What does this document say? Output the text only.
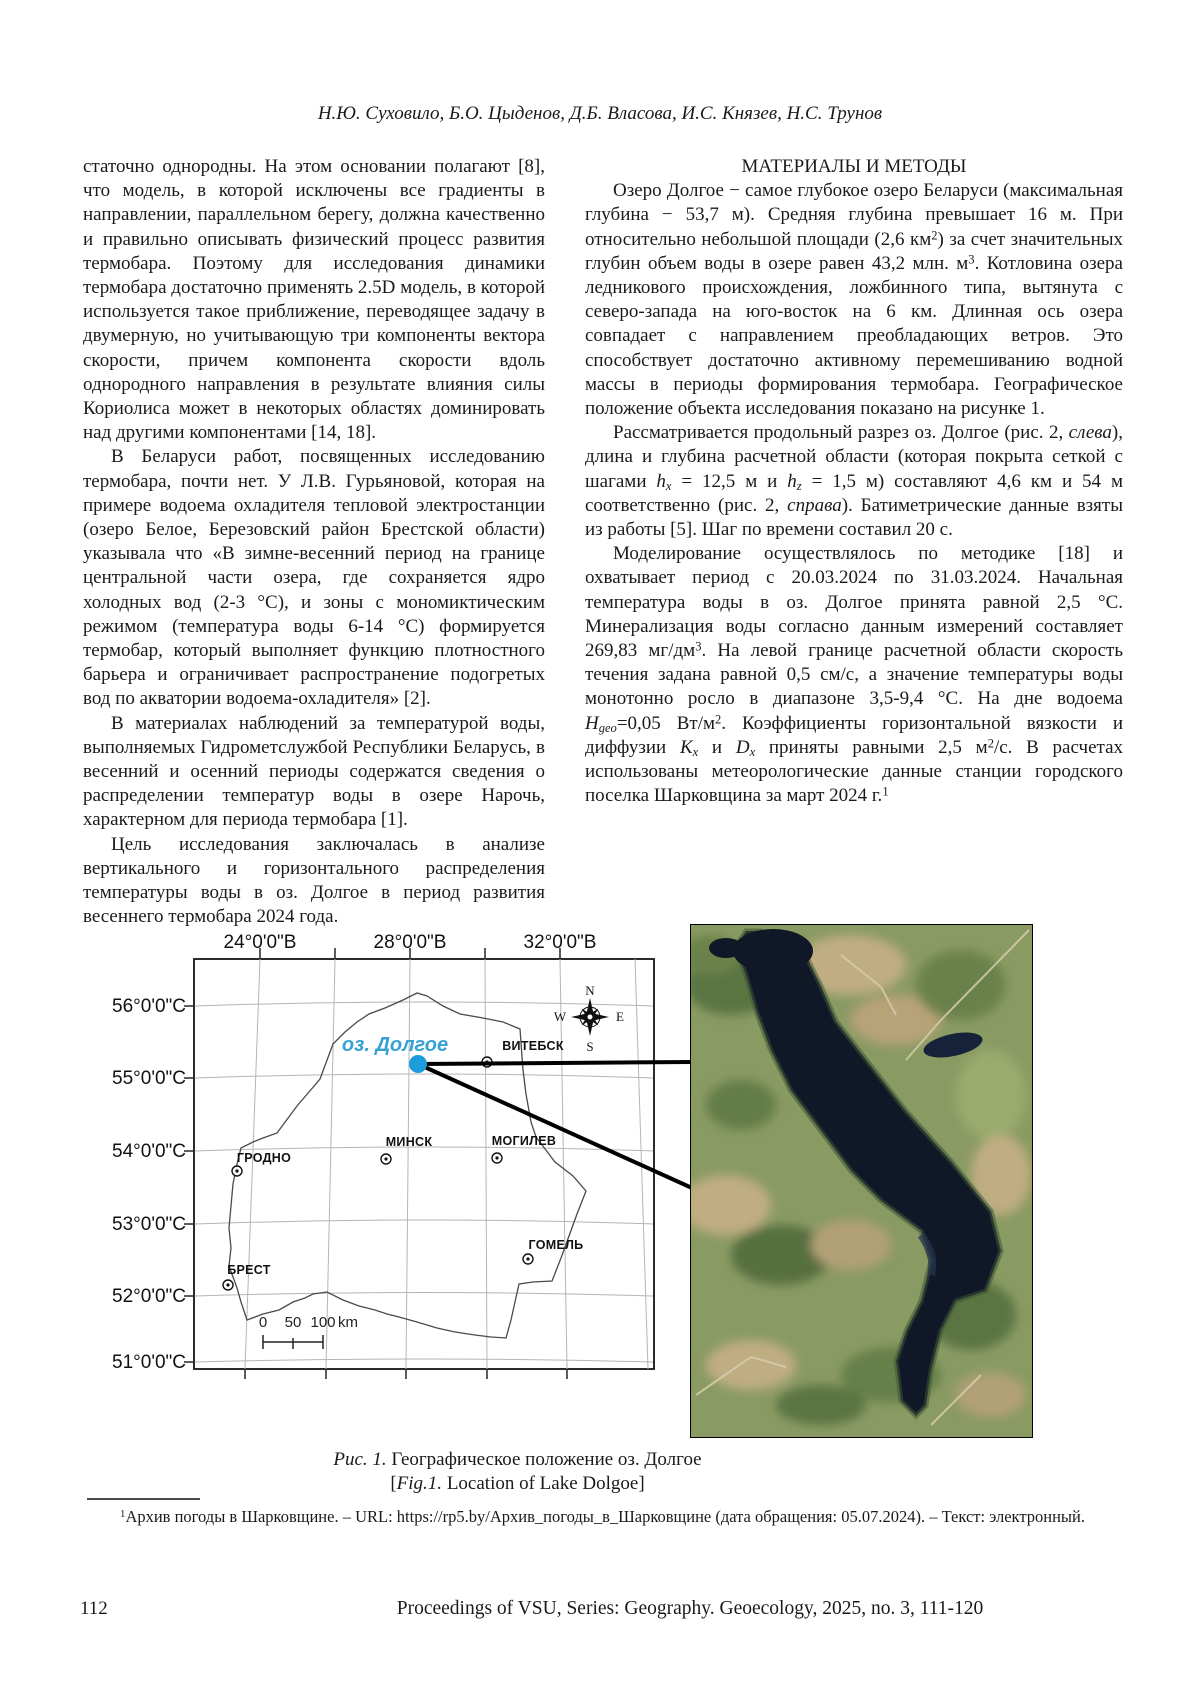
Н.Ю. Суховило, Б.О. Цыденов, Д.Б. Власова, И.С. Князев, Н.С. Трунов

статочно однородны. На этом основании полагают [8], что модель, в которой исключены все градиенты в направлении, параллельном берегу, должна качественно и правильно описывать физический процесс развития термобара. Поэтому для исследования динамики термобара достаточно применять 2.5D модель, в которой используется такое приближение, переводящее задачу в двумерную, но учитывающую три компоненты вектора скорости, причем компонента скорости вдоль однородного направления в результате влияния силы Кориолиса может в некоторых областях доминировать над другими компонентами [14, 18].

В Беларуси работ, посвященных исследованию термобара, почти нет. У Л.В. Гурьяновой, которая на примере водоема охладителя тепловой электростанции (озеро Белое, Березовский район Брестской области) указывала что «В зимне-весенний период на границе центральной части озера, где сохраняется ядро холодных вод (2-3 °С), и зоны с мономиктическим режимом (температура воды 6-14 °С) формируется термобар, который выполняет функцию плотностного барьера и ограничивает распространение подогретых вод по акватории водоема-охладителя» [2].

В материалах наблюдений за температурой воды, выполняемых Гидрометслужбой Республики Беларусь, в весенний и осенний периоды содержатся сведения о распределении температур воды в озере Нарочь, характерном для периода термобара [1].

Цель исследования заключалась в анализе вертикального и горизонтального распределения температуры воды в оз. Долгое в период развития весеннего термобара 2024 года.

МАТЕРИАЛЫ И МЕТОДЫ

Озеро Долгое − самое глубокое озеро Беларуси (максимальная глубина − 53,7 м). Средняя глубина превышает 16 м. При относительно небольшой площади (2,6 $км^2$) за счет значительных глубин объем воды в озере равен 43,2 млн. $м^3$. Котловина озера ледникового происхождения, ложбинного типа, вытянута с северо-запада на юго-восток на 6 км. Длинная ось озера совпадает с направлением преобладающих ветров. Это способствует достаточно активному перемешиванию водной массы в периоды формирования термобара. Географическое положение объекта исследования показано на рисунке 1.

Рассматривается продольный разрез оз. Долгое (рис. 2, слева), длина и глубина расчетной области (которая покрыта сеткой с шагами $h_x = 12,5$ м и $h_z = 1,5$ м) составляют 4,6 км и 54 м соответственно (рис. 2, справа). Батиметрические данные взяты из работы [5]. Шаг по времени составил 20 с.

Моделирование осуществлялось по методике [18] и охватывает период с 20.03.2024 по 31.03.2024. Начальная температура воды в оз. Долгое принята равной 2,5 °С. Минерализация воды согласно данным измерений составляет 269,83 $мг/дм^3$. На левой границе расчетной области скорость течения задана равной 0,5 см/с, а значение температуры воды монотонно росло в диапазоне 3,5-9,4 °С. На дне водоема $H_{geo}=0,05$ $Вт/м^2$. Коэффициенты горизонтальной вязкости и диффузии $K_x$ и $D_x$ приняты равными 2,5 $м^2/с$. В расчетах использованы метеорологические данные станции городского поселка Шарковщина за март 2024 г.$^1$

24°0'0"В	28°0'0"В	32°0'0"В
56°0'0"С
55°0'0"С
54°0'0"С
53°0'0"С
52°0'0"С
51°0'0"С
ВИТЕБСК
МИНСК	МОГИЛЕВ
ГРОДНО
БРЕСТ
ГОМЕЛЬ
N
S
W	E
оз. Долгое
0 50 100 km
Рис. 1. Географическое положение оз. Долгое
[Fig.1. Location of Lake Dolgoe]
$^1$Архив погоды в Шарковщине. – URL: https://rp5.by/Архив_погоды_в_Шарковщине (дата обращения: 05.07.2024). – Текст: электронный.
112	Proceedings of VSU, Series: Geography. Geoecology, 2025, no. 3, 111-120
